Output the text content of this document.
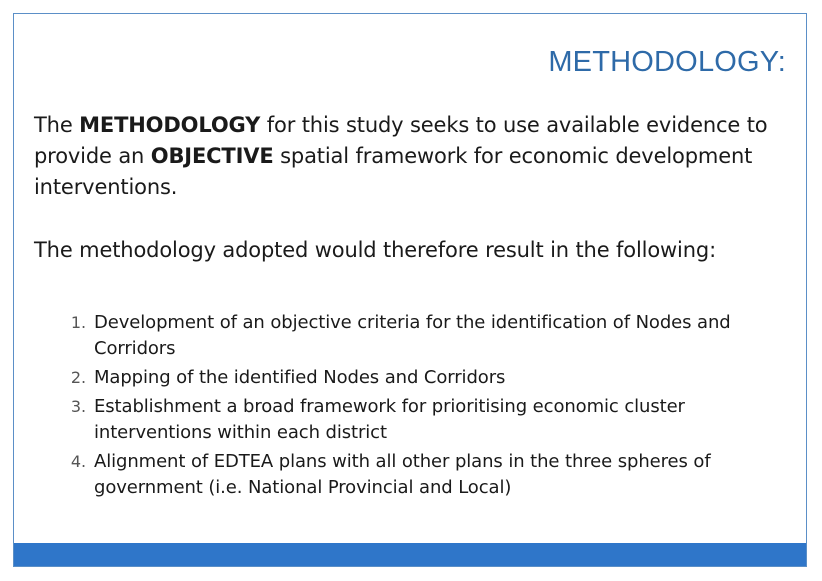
METHODOLOGY:
The METHODOLOGY for this study seeks to use available evidence to provide an OBJECTIVE spatial framework for economic development interventions.
The methodology adopted would therefore result in the following:
1. Development of an objective criteria for the identification of Nodes and Corridors
2. Mapping of the identified Nodes and Corridors
3. Establishment a broad framework for prioritising economic cluster interventions within each district
4. Alignment of EDTEA plans with all other plans in the three spheres of government (i.e. National Provincial and Local)
